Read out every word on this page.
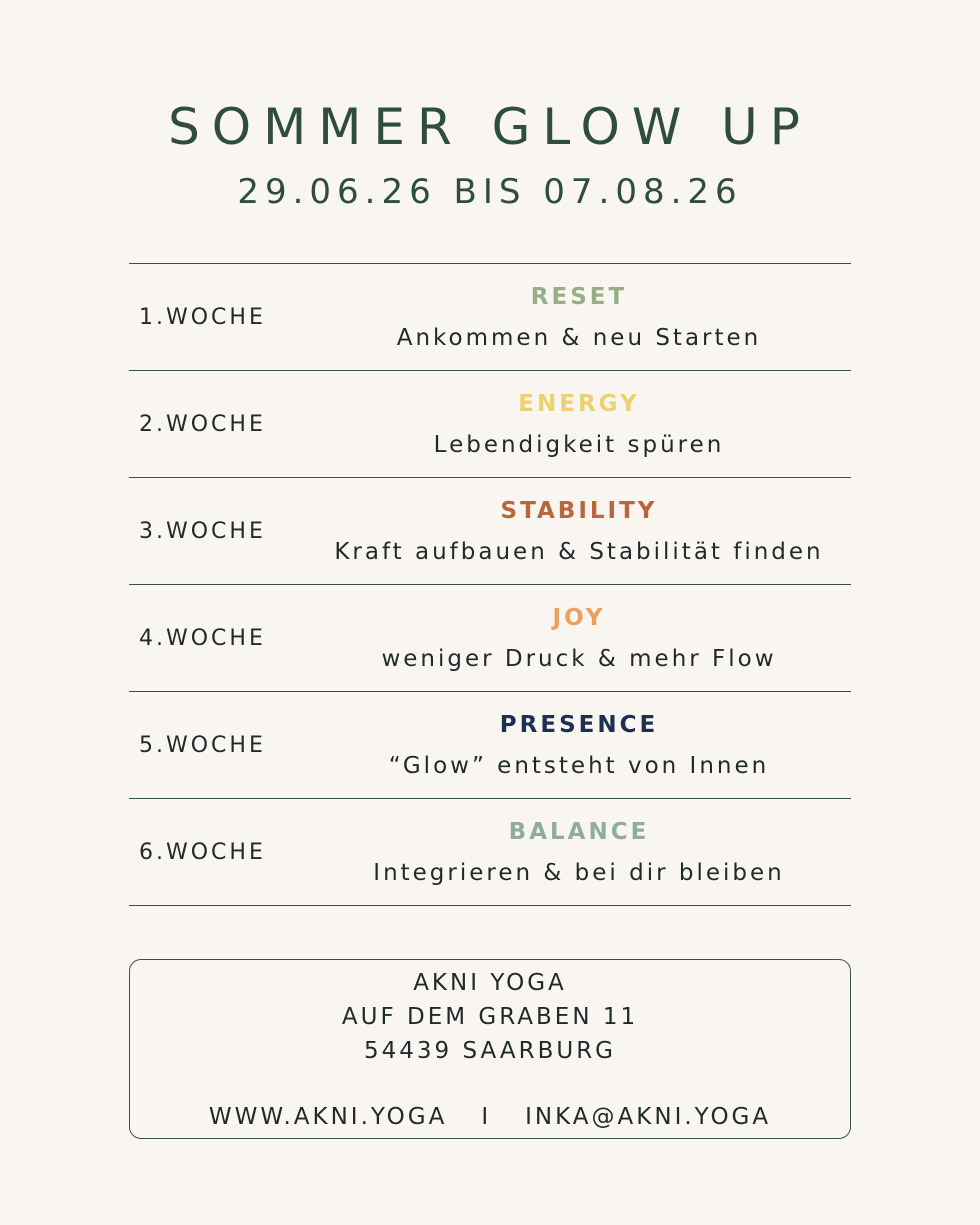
SOMMER GLOW UP
29.06.26 BIS 07.08.26
1.WOCHE
RESET
Ankommen & neu Starten
2.WOCHE
ENERGY
Lebendigkeit spüren
3.WOCHE
STABILITY
Kraft aufbauen & Stabilität finden
4.WOCHE
JOY
weniger Druck & mehr Flow
5.WOCHE
PRESENCE
“Glow” entsteht von Innen
6.WOCHE
BALANCE
Integrieren & bei dir bleiben
AKNI YOGA
AUF DEM GRABEN 11
54439 SAARBURG
WWW.AKNI.YOGA I INKA@AKNI.YOGA
